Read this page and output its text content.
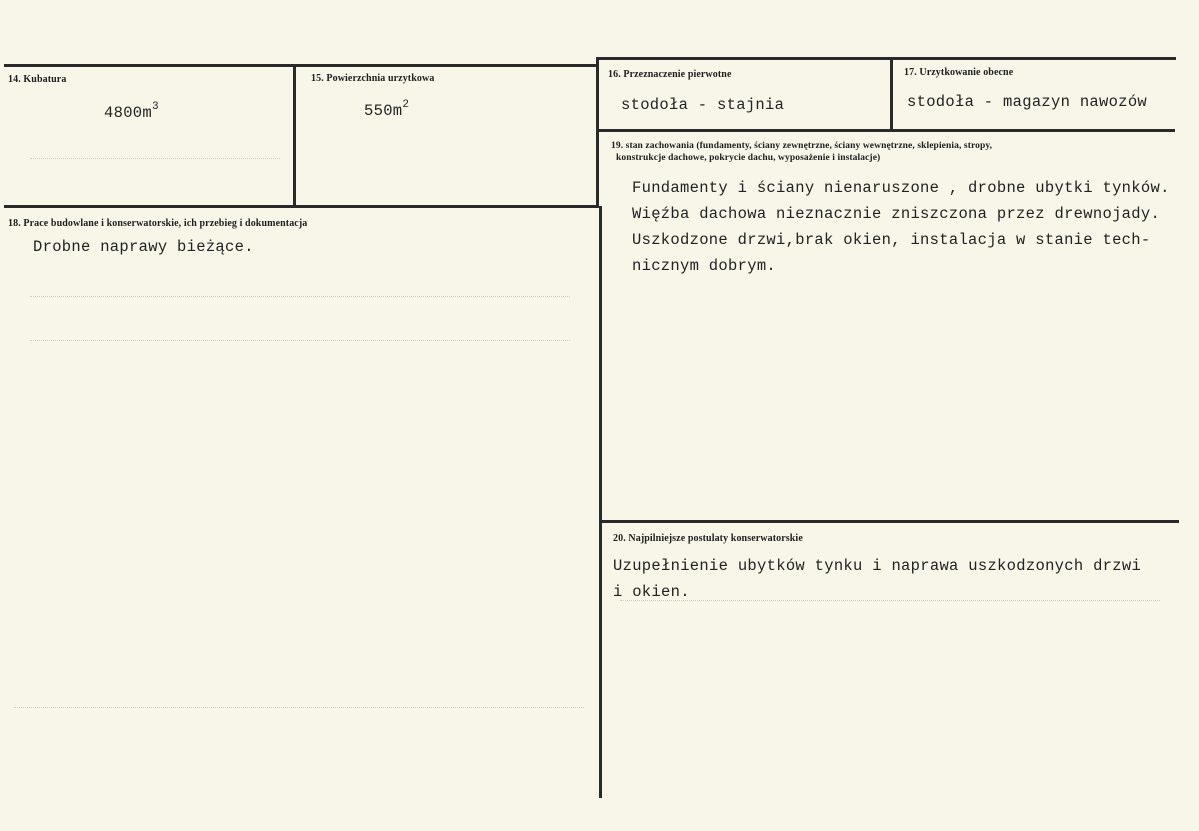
14. Kubatura
$4800m^3$
15. Powierzchnia urzytkowa
$550m^2$
16. Przeznaczenie pierwotne
stodoła - stajnia
17. Urzytkowanie obecne
stodoła - magazyn nawozów
19. stan zachowania (fundamenty, ściany zewnętrzne, ściany wewnętrzne, sklepienia, stropy,
konstrukcje dachowe, pokrycie dachu, wyposażenie i instalacje)
Fundamenty i ściany nienaruszone , drobne ubytki tynków.
Więźba dachowa nieznacznie zniszczona przez drewnojady.
Uszkodzone drzwi,brak okien, instalacja w stanie tech-
nicznym dobrym.
18. Prace budowlane i konserwatorskie, ich przebieg i dokumentacja
Drobne naprawy bieżące.
20. Najpilniejsze postulaty konserwatorskie
Uzupełnienie ubytków tynku i naprawa uszkodzonych drzwi
i okien.
